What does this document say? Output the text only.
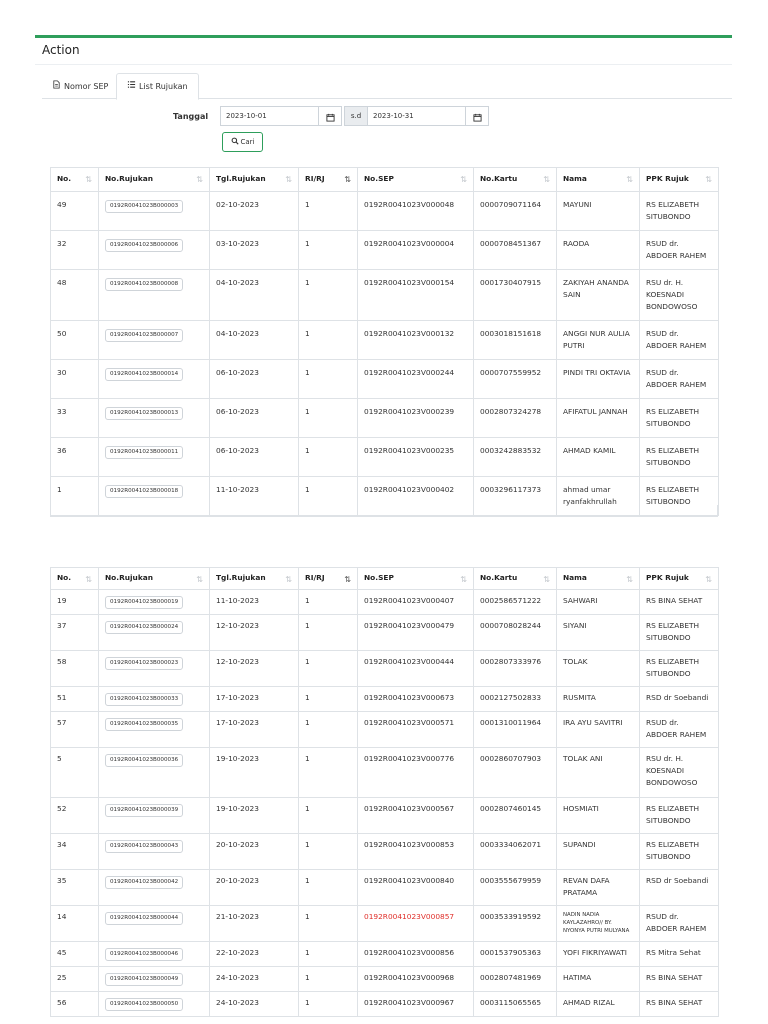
Action
Nomor SEP	List Rujukan
Tanggal	2023-10-01	s.d	2023-10-31
Cari
No. ⇅	No.Rujukan ⇅	Tgl.Rujukan ⇅	RI/RJ ⇅	No.SEP ⇅	No.Kartu ⇅	Nama ⇅	PPK Rujuk ⇅

49	0192R0041023B000003	02-10-2023	1	0192R0041023V000048	0000709071164	MAYUNI	RS ELIZABETH SITUBONDO
32	0192R0041023B000006	03-10-2023	1	0192R0041023V000004	0000708451367	RAODA	RSUD dr. ABDOER RAHEM
48	0192R0041023B000008	04-10-2023	1	0192R0041023V000154	0001730407915	ZAKIYAH ANANDA SAIN	RSU dr. H. KOESNADI BONDOWOSO
50	0192R0041023B000007	04-10-2023	1	0192R0041023V000132	0003018151618	ANGGI NUR AULIA PUTRI	RSUD dr. ABDOER RAHEM
30	0192R0041023B000014	06-10-2023	1	0192R0041023V000244	0000707559952	PINDI TRI OKTAVIA	RSUD dr. ABDOER RAHEM
33	0192R0041023B000013	06-10-2023	1	0192R0041023V000239	0002807324278	AFIFATUL JANNAH	RS ELIZABETH SITUBONDO
36	0192R0041023B000011	06-10-2023	1	0192R0041023V000235	0003242883532	AHMAD KAMIL	RS ELIZABETH SITUBONDO
1	0192R0041023B000018	11-10-2023	1	0192R0041023V000402	0003296117373	ahmad umar ryanfakhrullah	RS ELIZABETH SITUBONDO
No. ⇅	No.Rujukan ⇅	Tgl.Rujukan ⇅	RI/RJ ⇅	No.SEP ⇅	No.Kartu ⇅	Nama ⇅	PPK Rujuk ⇅

19	0192R0041023B000019	11-10-2023	1	0192R0041023V000407	0002586571222	SAHWARI	RS BINA SEHAT
37	0192R0041023B000024	12-10-2023	1	0192R0041023V000479	0000708028244	SIYANI	RS ELIZABETH SITUBONDO
58	0192R0041023B000023	12-10-2023	1	0192R0041023V000444	0002807333976	TOLAK	RS ELIZABETH SITUBONDO
51	0192R0041023B000033	17-10-2023	1	0192R0041023V000673	0002127502833	RUSMITA	RSD dr Soebandi
57	0192R0041023B000035	17-10-2023	1	0192R0041023V000571	0001310011964	IRA AYU SAVITRI	RSUD dr. ABDOER RAHEM
5	0192R0041023B000036	19-10-2023	1	0192R0041023V000776	0002860707903	TOLAK ANI	RSU dr. H. KOESNADI BONDOWOSO
52	0192R0041023B000039	19-10-2023	1	0192R0041023V000567	0002807460145	HOSMIATI	RS ELIZABETH SITUBONDO
34	0192R0041023B000043	20-10-2023	1	0192R0041023V000853	0003334062071	SUPANDI	RS ELIZABETH SITUBONDO
35	0192R0041023B000042	20-10-2023	1	0192R0041023V000840	0003555679959	REVAN DAFA PRATAMA	RSD dr Soebandi
14	0192R0041023B000044	21-10-2023	1	0192R0041023V000857	0003533919592	NADIN NADIA KAYLAZAHRO// BY. NYONYA PUTRI MULYANA	RSUD dr. ABDOER RAHEM
45	0192R0041023B000046	22-10-2023	1	0192R0041023V000856	0001537905363	YOFI FIKRIYAWATI	RS Mitra Sehat
25	0192R0041023B000049	24-10-2023	1	0192R0041023V000968	0002807481969	HATIMA	RS BINA SEHAT
56	0192R0041023B000050	24-10-2023	1	0192R0041023V000967	0003115065565	AHMAD RIZAL	RS BINA SEHAT
